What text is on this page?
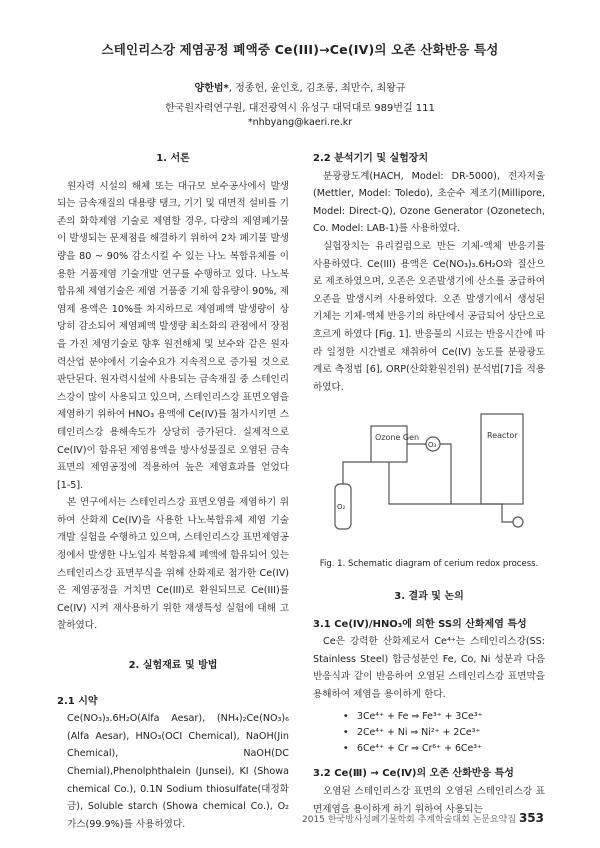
스테인리스강 제염공정 폐액중 Ce(III)→Ce(IV)의 오존 산화반응 특성
양한범*, 정종헌, 윤인호, 김초롱, 최만수, 최왕규
한국원자력연구원, 대전광역시 유성구 대덕대로 989번길 111
*nhbyang@kaeri.re.kr
1. 서론

원자력 시설의 해체 또는 대규모 보수공사에서 발생되는 금속재질의 대용량 탱크, 기기 및 대면적 설비를 기존의 화학제염 기술로 제염할 경우, 다량의 제염폐기물 이 발생되는 문제점을 해결하기 위하여 2차 폐기물 발생량을 80 ~ 90% 감소시킬 수 있는 나노 복합유체를 이용한 거품제염 기술개발 연구를 수행하고 있다. 나노복합유체 제염기술은 제염 거품중 기체 함유량이 90%, 제염제 용액은 10%를 차지하므로 제염폐액 발생량이 상당히 감소되어 제염폐액 발생량 최소화의 관점에서 장점을 가진 제염기술로 향후 원전해체 및 보수와 같은 원자력산업 분야에서 기술수요가 지속적으로 증가될 것으로 판단된다. 원자력시설에 사용되는 금속재질 중 스테인리스강이 많이 사용되고 있으며, 스테인리스강 표면오염을 제염하기 위하여 HNO₃ 용액에 Ce(IV)를 첨가시키면 스테인리스강 용해속도가 상당히 증가된다. 실제적으로 Ce(IV)이 함유된 제염용액을 방사성물질로 오염된 금속표면의 제염공정에 적용하여 높은 제염효과를 얻었다 [1-5].

본 연구에서는 스테인리스강 표면오염을 제염하기 위하여 산화제 Ce(IV)을 사용한 나노복합유체 제염 기술개발 실험을 수행하고 있으며, 스테인리스강 표면제염공정에서 발생한 나노입자 복합유체 폐액에 함유되어 있는 스테인리스강 표면부식을 위해 산화제로 첨가한 Ce(IV)은 제염공정을 거치면 Ce(III)로 환원되므로 Ce(III)를 Ce(IV) 시켜 재사용하기 위한 재생특성 실험에 대해 고찰하였다.

2. 실험재료 및 방법
2.1 시약

Ce(NO₃)₃.6H₂O(Alfa Aesar), (NH₄)₂Ce(NO₃)₆ (Alfa Aesar), HNO₃(OCI Chemical), NaOH(Jin Chemical), NaOH(DC Chemial),Phenolphthalein (Junsei), KI (Showa chemical Co.), 0.1N Sodium thiosulfate(대정화금), Soluble starch (Showa chemical Co.), O₂ 가스(99.9%)를 사용하였다.

2.2 분석기기 및 실험장치

분광광도계(HACH, Model: DR-5000), 전자저울(Mettler, Model: Toledo), 초순수 제조기(Millipore, Model: Direct-Q), Ozone Generator (Ozonetech, Co. Model: LAB-1)를 사용하였다.

실험장치는 유리컬럼으로 만든 기체-액체 반응기를 사용하였다. Ce(III) 용액은 Ce(NO₃)₃.6H₂O와 질산으로 제조하였으며, 오존은 오존발생기에 산소를 공급하여 오존을 발생시켜 사용하였다. 오존 발생기에서 생성된 기체는 기체-액체 반응기의 하단에서 공급되어 상단으로 흐르게 하였다 [Fig. 1]. 반응물의 시료는 반응시간에 따라 일정한 시간별로 채취하여 Ce(IV) 농도를 분광광도계로 측정법 [6], ORP(산화환원전위) 분석법[7]을 적용하였다.

Ozone Gen
O₃
O₂
Reactor
Fig. 1. Schematic diagram of cerium redox process.
3. 결과 및 논의
3.1 Ce(IV)/HNO₃에 의한 SS의 산화제염 특성

Ce은 강력한 산화제로서 Ce⁴⁺는 스테인리스강(SS: Stainless Steel) 합금성분인 Fe, Co, Ni 성분과 다음 반응식과 같이 반응하여 오염된 스테인리스강 표면막을 용해하여 제염을 용이하게 한다.

• 3Ce⁴⁺ + Fe ⇒ Fe³⁺ + 3Ce³⁺
• 2Ce⁴⁺ + Ni ⇒ Ni²⁺ + 2Ce³⁺
• 6Ce⁴⁺ + Cr ⇒ Cr⁶⁺ + 6Ce³⁺
3.2 Ce(Ⅲ) → Ce(Ⅳ)의 오존 산화반응 특성

오염된 스테인리스강 표면의 오염된 스테인리스강 표면제염을 용이하게 하기 위하여 사용되는

2015 한국방사성폐기물학회 추계학술대회 논문요약집 353
